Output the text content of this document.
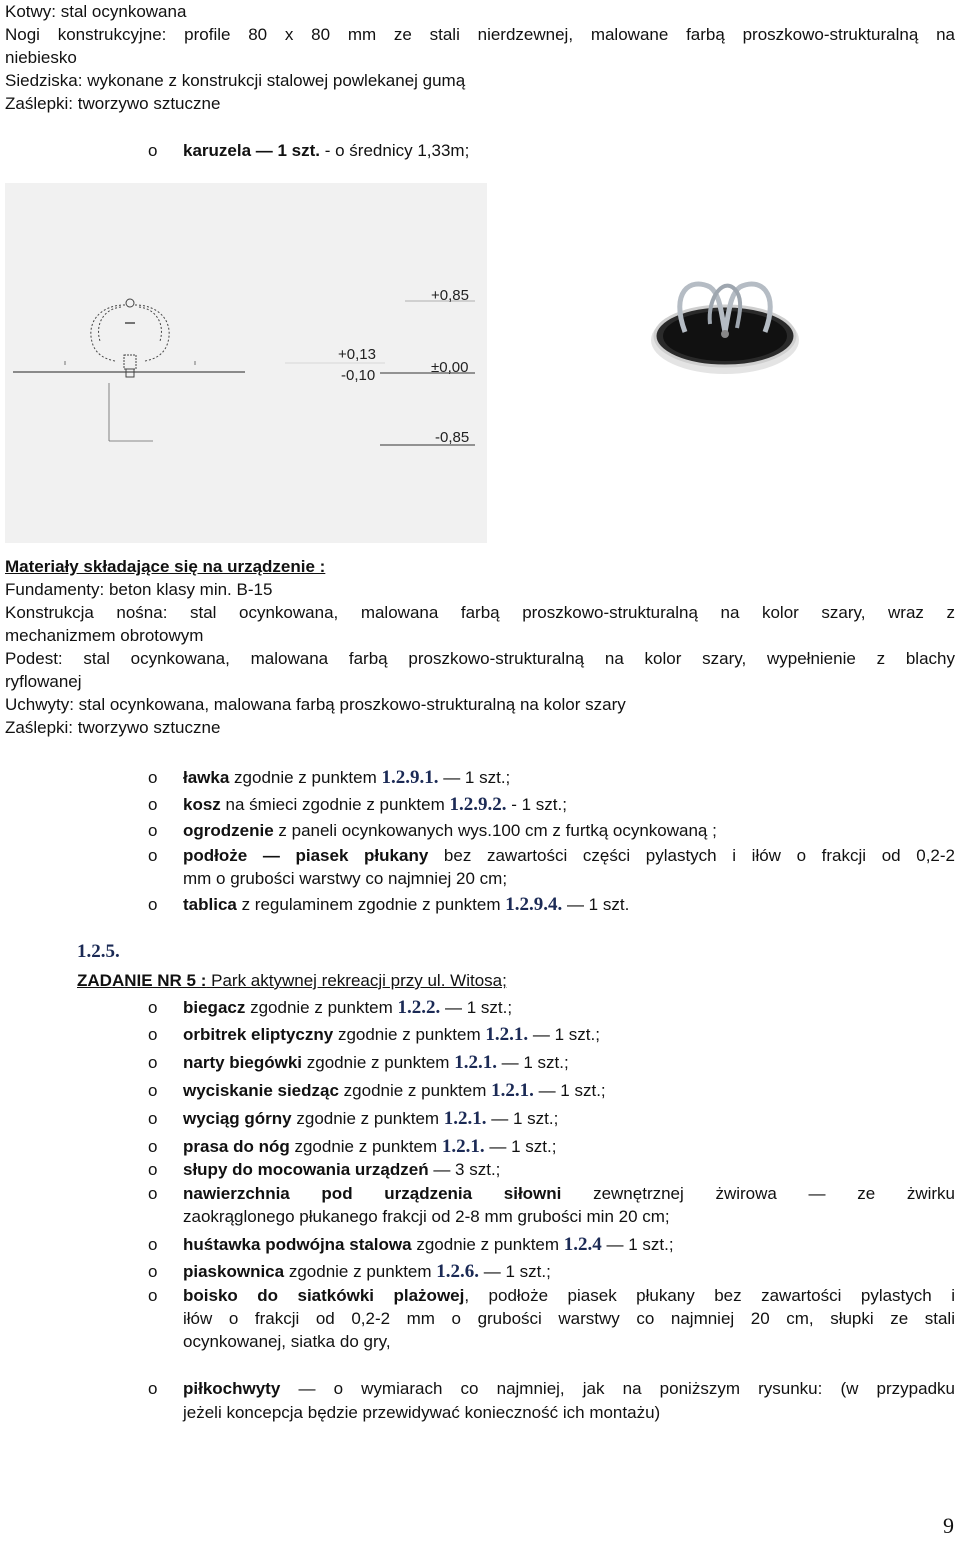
Kotwy: stal ocynkowana
Nogi konstrukcyjne: profile 80 x 80 mm ze stali nierdzewnej, malowane farbą proszkowo-strukturalną na
niebiesko
Siedziska: wykonane z konstrukcji stalowej powlekanej gumą
Zaślepki: tworzywo sztuczne
o	karuzela — 1 szt. - o średnicy 1,33m;
+0,85
+0,13
-0,10	±0,00
-0,85
Materiały składające się na urządzenie :
Fundamenty: beton klasy min. B-15
Konstrukcja nośna: stal ocynkowana, malowana farbą proszkowo-strukturalną na kolor szary, wraz z
mechanizmem obrotowym
Podest: stal ocynkowana, malowana farbą proszkowo-strukturalną na kolor szary, wypełnienie z blachy
ryflowanej
Uchwyty: stal ocynkowana, malowana farbą proszkowo-strukturalną na kolor szary
Zaślepki: tworzywo sztuczne
o	ławka zgodnie z punktem 1.2.9.1. — 1 szt.;
o	kosz na śmieci zgodnie z punktem 1.2.9.2. - 1 szt.;
o	ogrodzenie z paneli ocynkowanych wys.100 cm z furtką ocynkowaną ;
o	podłoże — piasek płukany bez zawartości części pylastych i iłów o frakcji od 0,2-2
mm o grubości warstwy co najmniej 20 cm;
o	tablica z regulaminem zgodnie z punktem 1.2.9.4. — 1 szt.
1.2.5.
ZADANIE NR 5 : Park aktywnej rekreacji przy ul. Witosa;
o	biegacz zgodnie z punktem 1.2.2. — 1 szt.;
o	orbitrek eliptyczny zgodnie z punktem 1.2.1. — 1 szt.;
o	narty biegówki zgodnie z punktem 1.2.1. — 1 szt.;
o	wyciskanie siedząc zgodnie z punktem 1.2.1. — 1 szt.;
o	wyciąg górny zgodnie z punktem 1.2.1. — 1 szt.;
o	prasa do nóg zgodnie z punktem 1.2.1. — 1 szt.;
o	słupy do mocowania urządzeń — 3 szt.;
o	nawierzchnia pod urządzenia siłowni zewnętrznej żwirowa — ze żwirku
zaokrąglonego płukanego frakcji od 2-8 mm grubości min 20 cm;
o	huśtawka podwójna stalowa zgodnie z punktem 1.2.4 — 1 szt.;
o	piaskownica zgodnie z punktem 1.2.6. — 1 szt.;
o	boisko do siatkówki plażowej, podłoże piasek płukany bez zawartości pylastych i
iłów o frakcji od 0,2-2 mm o grubości warstwy co najmniej 20 cm, słupki ze stali
ocynkowanej, siatka do gry,
o	piłkochwyty — o wymiarach co najmniej, jak na poniższym rysunku: (w przypadku
jeżeli koncepcja będzie przewidywać konieczność ich montażu)
9
